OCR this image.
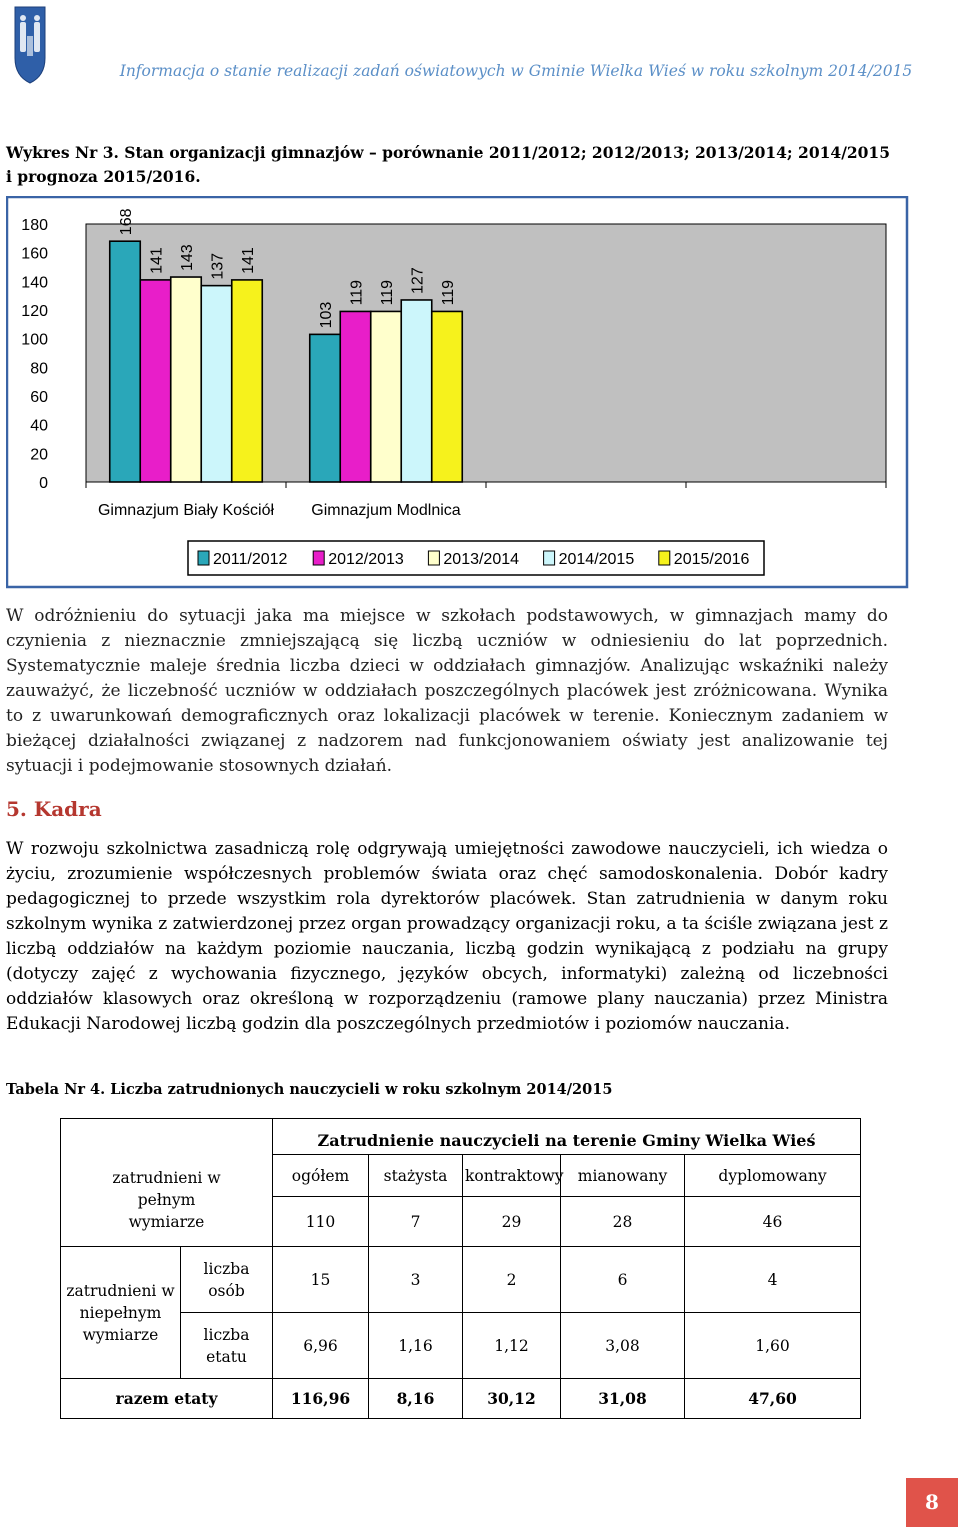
Informacja o stanie realizacji zadań oświatowych w Gminie Wielka Wieś w roku szkolnym 2014/2015
Wykres Nr 3. Stan organizacji gimnazjów – porównanie 2011/2012; 2012/2013; 2013/2014; 2014/2015
i prognoza 2015/2016.
0
20
40
60
80
100
120
140
160
180	168
141 143 137 141
103
119 119 127 119
Gimnazjum Biały Kościół Gimnazjum Modlnica
2011/2012	2012/2013 2013/2014 2014/2015 2015/2016
W odróżnieniu do sytuacji jaka ma miejsce w szkołach podstawowych, w gimnazjach mamy do czynienia z nieznacznie zmniejszającą się liczbą uczniów w odniesieniu do lat poprzednich. Systematycznie maleje średnia liczba dzieci w oddziałach gimnazjów. Analizując wskaźniki należy zauważyć, że liczebność uczniów w oddziałach poszczególnych placówek jest zróżnicowana. Wynika to z uwarunkowań demograficznych oraz lokalizacji placówek w terenie. Koniecznym zadaniem w bieżącej działalności związanej z nadzorem nad funkcjonowaniem oświaty jest analizowanie tej sytuacji i podejmowanie stosownych działań.
5. Kadra
W rozwoju szkolnictwa zasadniczą rolę odgrywają umiejętności zawodowe nauczycieli, ich wiedza o życiu, zrozumienie współczesnych problemów świata oraz chęć samodoskonalenia. Dobór kadry pedagogicznej to przede wszystkim rola dyrektorów placówek. Stan zatrudnienia w danym roku szkolnym wynika z zatwierdzonej przez organ prowadzący organizacji roku, a ta ściśle związana jest z liczbą oddziałów na każdym poziomie nauczania, liczbą godzin wynikającą z podziału na grupy (dotyczy zajęć z wychowania fizycznego, języków obcych, informatyki) zależną od liczebności oddziałów klasowych oraz określoną w rozporządzeniu (ramowe plany nauczania) przez Ministra Edukacji Narodowej liczbą godzin dla poszczególnych przedmiotów i poziomów nauczania.
Tabela Nr 4. Liczba zatrudnionych nauczycieli w roku szkolnym 2014/2015
		Zatrudnienie nauczycieli na terenie Gminy Wielka Wieś				
zatrudnieni w pełnym wymiarze		ogółem	stażysta	kontraktowy	mianowany	dyplomowany
		110	7	29	28	46
zatrudnieni w niepełnym wymiarze	liczba osób	15	3	2	6	4
	liczba etatu	6,96	1,16	1,12	3,08	1,60
razem etaty		116,96	8,16	30,12	31,08	47,60
8
